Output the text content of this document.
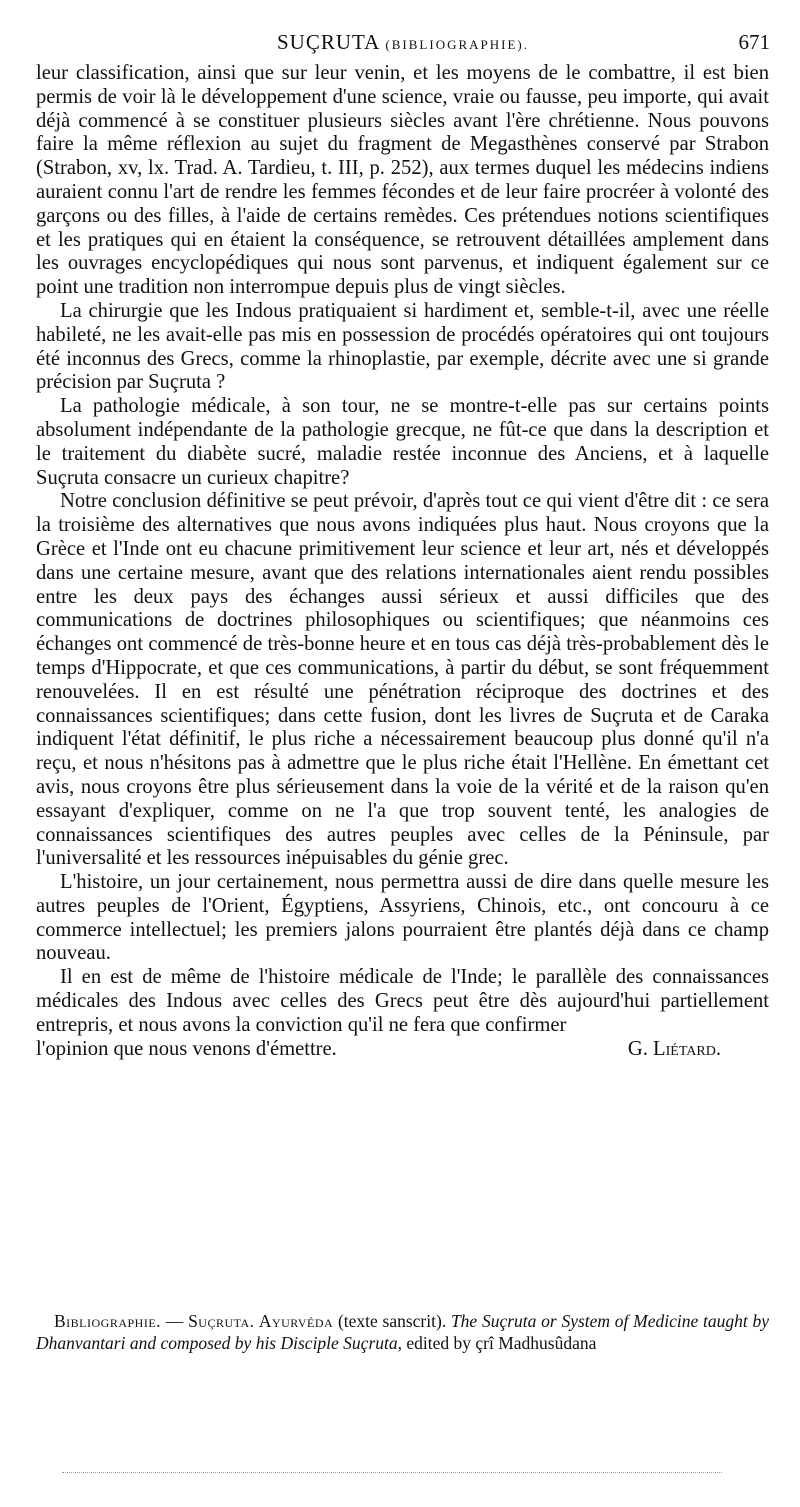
SUÇRUTA (BIBLIOGRAPHIE).	671

leur classification, ainsi que sur leur venin, et les moyens de le combattre, il est bien permis de voir là le développement d'une science, vraie ou fausse, peu importe, qui avait déjà commencé à se constituer plusieurs siècles avant l'ère chrétienne. Nous pouvons faire la même réflexion au sujet du fragment de Megasthènes conservé par Strabon (Strabon, xv, lx. Trad. A. Tardieu, t. III, p. 252), aux termes duquel les médecins indiens auraient connu l'art de rendre les femmes fécondes et de leur faire procréer à volonté des garçons ou des filles, à l'aide de certains remèdes. Ces prétendues notions scientifiques et les pratiques qui en étaient la conséquence, se retrouvent détaillées amplement dans les ouvrages encyclopédiques qui nous sont parvenus, et indiquent également sur ce point une tradition non interrompue depuis plus de vingt siècles.

La chirurgie que les Indous pratiquaient si hardiment et, semble-t-il, avec une réelle habileté, ne les avait-elle pas mis en possession de procédés opératoires qui ont toujours été inconnus des Grecs, comme la rhinoplastie, par exemple, décrite avec une si grande précision par Suçruta ?

La pathologie médicale, à son tour, ne se montre-t-elle pas sur certains points absolument indépendante de la pathologie grecque, ne fût-ce que dans la description et le traitement du diabète sucré, maladie restée inconnue des Anciens, et à laquelle Suçruta consacre un curieux chapitre?

Notre conclusion définitive se peut prévoir, d'après tout ce qui vient d'être dit : ce sera la troisième des alternatives que nous avons indiquées plus haut. Nous croyons que la Grèce et l'Inde ont eu chacune primitivement leur science et leur art, nés et développés dans une certaine mesure, avant que des relations internationales aient rendu possibles entre les deux pays des échanges aussi sérieux et aussi difficiles que des communications de doctrines philosophiques ou scientifiques; que néanmoins ces échanges ont commencé de très-bonne heure et en tous cas déjà très-probablement dès le temps d'Hippocrate, et que ces communications, à partir du début, se sont fréquemment renouvelées. Il en est résulté une pénétration réciproque des doctrines et des connaissances scientifiques; dans cette fusion, dont les livres de Suçruta et de Caraka indiquent l'état définitif, le plus riche a nécessairement beaucoup plus donné qu'il n'a reçu, et nous n'hésitons pas à admettre que le plus riche était l'Hellène. En émettant cet avis, nous croyons être plus sérieusement dans la voie de la vérité et de la raison qu'en essayant d'expliquer, comme on ne l'a que trop souvent tenté, les analogies de connaissances scientifiques des autres peuples avec celles de la Péninsule, par l'universalité et les ressources inépuisables du génie grec.

L'histoire, un jour certainement, nous permettra aussi de dire dans quelle mesure les autres peuples de l'Orient, Égyptiens, Assyriens, Chinois, etc., ont concouru à ce commerce intellectuel; les premiers jalons pourraient être plantés déjà dans ce champ nouveau.

Il en est de même de l'histoire médicale de l'Inde; le parallèle des connaissances médicales des Indous avec celles des Grecs peut être dès aujourd'hui partiellement entrepris, et nous avons la conviction qu'il ne fera que confirmer

l'opinion que nous venons d'émettre.	G. Liétard.
Bibliographie. — Suçruta. Ayurvéda (texte sanscrit). The Suçruta or System of Medicine taught by Dhanvantari and composed by his Disciple Suçruta, edited by çrî Madhusûdana
